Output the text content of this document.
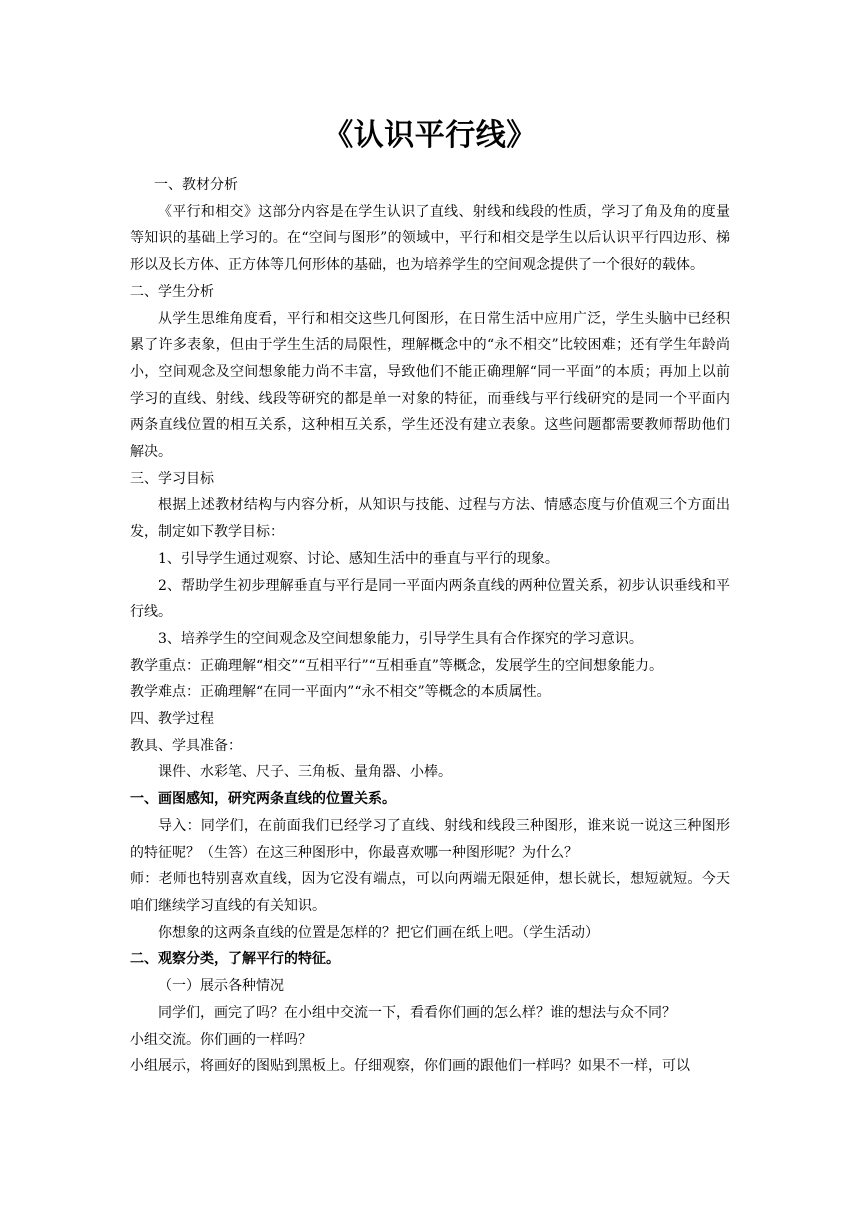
《认识平行线》

一、教材分析

《平行和相交》这部分内容是在学生认识了直线、射线和线段的性质，学习了角及角的度量等知识的基础上学习的。在“空间与图形”的领域中，平行和相交是学生以后认识平行四边形、梯形以及长方体、正方体等几何形体的基础，也为培养学生的空间观念提供了一个很好的载体。

二、学生分析

从学生思维角度看，平行和相交这些几何图形，在日常生活中应用广泛，学生头脑中已经积累了许多表象，但由于学生生活的局限性，理解概念中的“永不相交”比较困难；还有学生年龄尚小，空间观念及空间想象能力尚不丰富，导致他们不能正确理解“同一平面”的本质；再加上以前学习的直线、射线、线段等研究的都是单一对象的特征，而垂线与平行线研究的是同一个平面内两条直线位置的相互关系，这种相互关系，学生还没有建立表象。这些问题都需要教师帮助他们解决。

三、学习目标

根据上述教材结构与内容分析，从知识与技能、过程与方法、情感态度与价值观三个方面出发，制定如下教学目标：

1、引导学生通过观察、讨论、感知生活中的垂直与平行的现象。

2、帮助学生初步理解垂直与平行是同一平面内两条直线的两种位置关系，初步认识垂线和平行线。

3、培养学生的空间观念及空间想象能力，引导学生具有合作探究的学习意识。

教学重点：正确理解“相交”“互相平行”“互相垂直”等概念，发展学生的空间想象能力。

教学难点：正确理解“在同一平面内”“永不相交”等概念的本质属性。

四、教学过程

教具、学具准备：

课件、水彩笔、尺子、三角板、量角器、小棒。

一、画图感知，研究两条直线的位置关系。

导入：同学们，在前面我们已经学习了直线、射线和线段三种图形，谁来说一说这三种图形的特征呢？（生答）在这三种图形中，你最喜欢哪一种图形呢？为什么？

师：老师也特别喜欢直线，因为它没有端点，可以向两端无限延伸，想长就长，想短就短。今天咱们继续学习直线的有关知识。

你想象的这两条直线的位置是怎样的？把它们画在纸上吧。（学生活动）

二、观察分类，了解平行的特征。

（一）展示各种情况

同学们，画完了吗？在小组中交流一下，看看你们画的怎么样？谁的想法与众不同？

小组交流。你们画的一样吗？

小组展示，将画好的图贴到黑板上。仔细观察，你们画的跟他们一样吗？如果不一样，可以
